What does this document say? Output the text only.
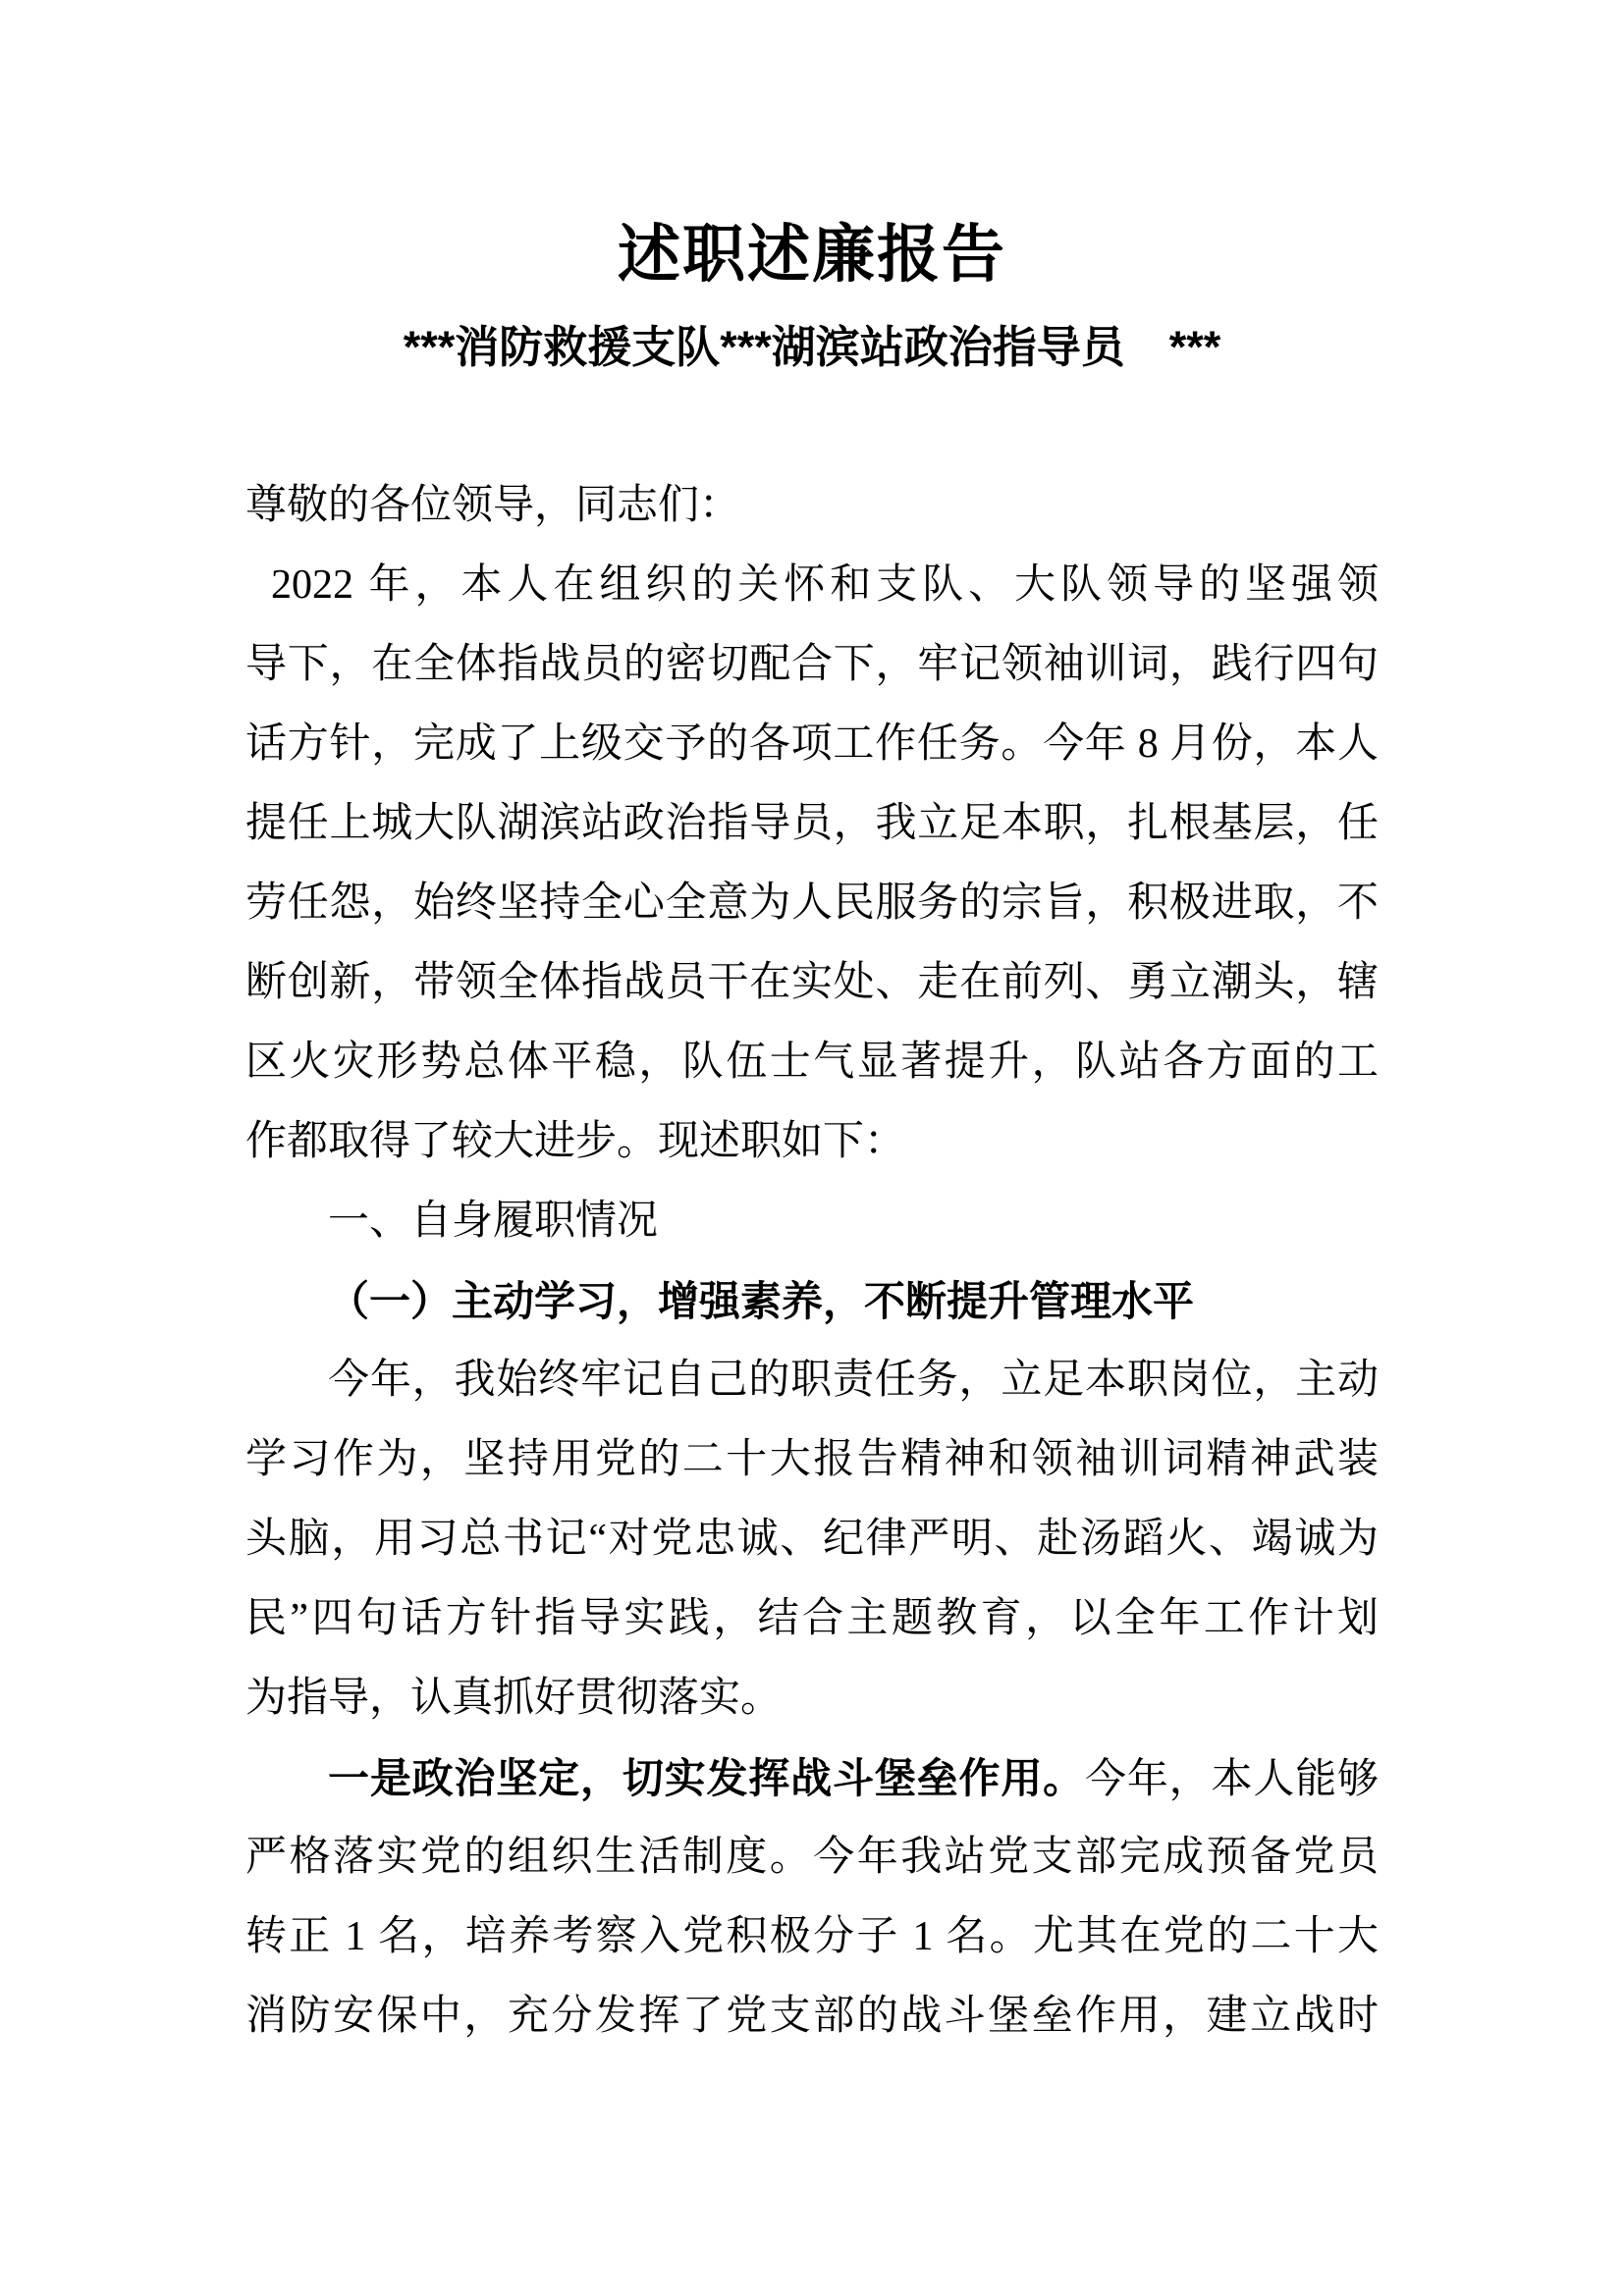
述职述廉报告
***消防救援支队***湖滨站政治指导员　***
尊敬的各位领导，同志们：
2022 年，本人在组织的关怀和支队、大队领导的坚强领
导下，在全体指战员的密切配合下，牢记领袖训词，践行四句
话方针，完成了上级交予的各项工作任务。今年 8 月份，本人
提任上城大队湖滨站政治指导员，我立足本职，扎根基层，任
劳任怨，始终坚持全心全意为人民服务的宗旨，积极进取，不
断创新，带领全体指战员干在实处、走在前列、勇立潮头，辖
区火灾形势总体平稳，队伍士气显著提升，队站各方面的工
作都取得了较大进步。现述职如下：
一、自身履职情况
（一）主动学习，增强素养，不断提升管理水平
今年，我始终牢记自己的职责任务，立足本职岗位，主动
学习作为，坚持用党的二十大报告精神和领袖训词精神武装
头脑，用习总书记“对党忠诚、纪律严明、赴汤蹈火、竭诚为
民”四句话方针指导实践，结合主题教育，以全年工作计划
为指导，认真抓好贯彻落实。
一是政治坚定，切实发挥战斗堡垒作用。今年，本人能够
严格落实党的组织生活制度。今年我站党支部完成预备党员
转正 1 名，培养考察入党积极分子 1 名。尤其在党的二十大
消防安保中，充分发挥了党支部的战斗堡垒作用，建立战时
